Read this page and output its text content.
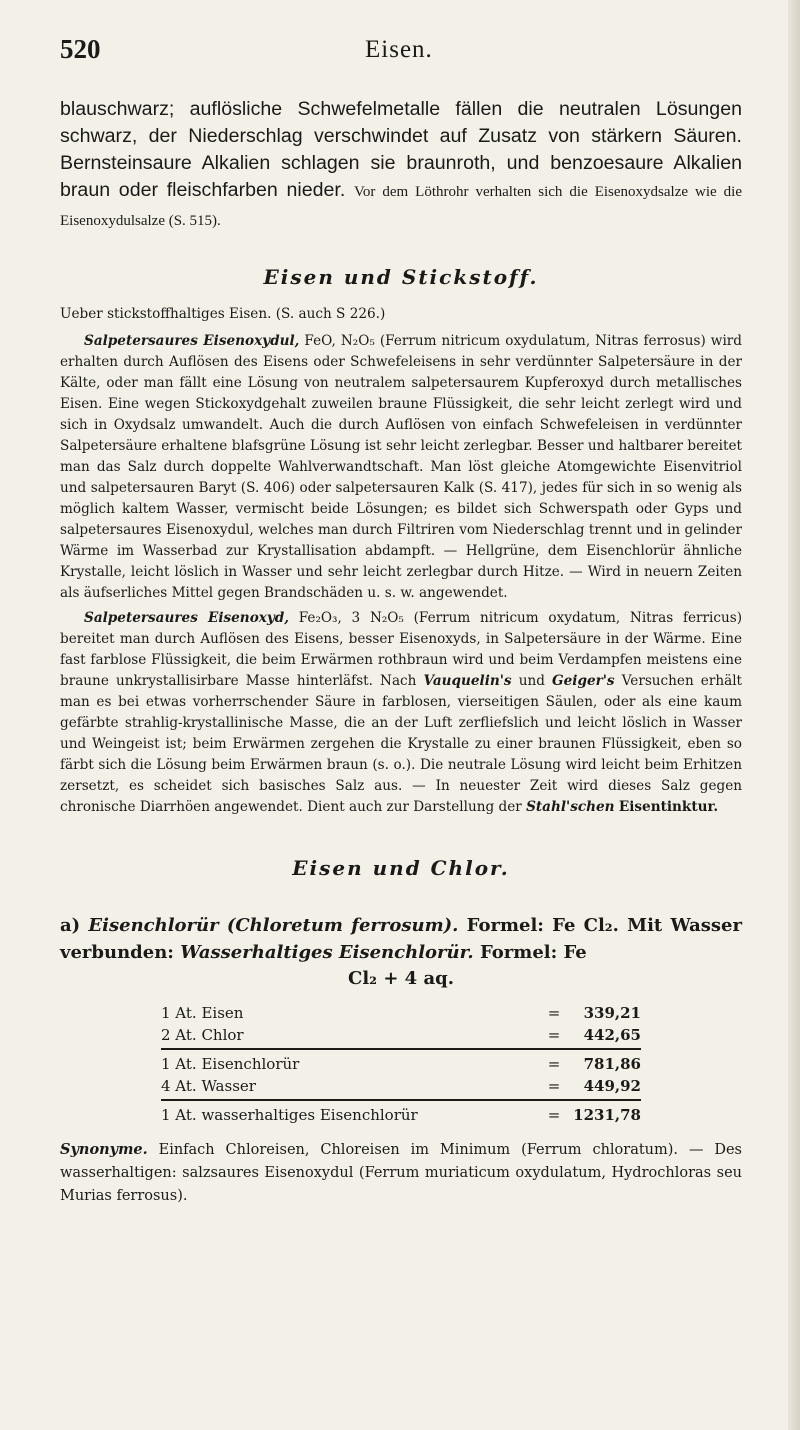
520	Eisen.

blauschwarz; auflösliche Schwefelmetalle fällen die neutralen Lösungen schwarz, der Niederschlag verschwindet auf Zusatz von stärkern Säuren. Bernsteinsaure Alkalien schlagen sie braunroth, und benzoesaure Alkalien braun oder fleischfarben nieder. Vor dem Löthrohr verhalten sich die Eisenoxydsalze wie die Eisenoxydulsalze (S. 515).

Eisen und Stickstoff.

Ueber stickstoffhaltiges Eisen. (S. auch S 226.)

Salpetersaures Eisenoxydul, FeO, N₂O₅ (Ferrum nitricum oxydulatum, Nitras ferrosus) wird erhalten durch Auflösen des Eisens oder Schwefeleisens in sehr verdünnter Salpetersäure in der Kälte, oder man fällt eine Lösung von neutralem salpetersaurem Kupferoxyd durch metallisches Eisen. Eine wegen Stickoxydgehalt zuweilen braune Flüssigkeit, die sehr leicht zerlegt wird und sich in Oxydsalz umwandelt. Auch die durch Auflösen von einfach Schwefeleisen in verdünnter Salpetersäure erhaltene blafsgrüne Lösung ist sehr leicht zerlegbar. Besser und haltbarer bereitet man das Salz durch doppelte Wahlverwandtschaft. Man löst gleiche Atomgewichte Eisenvitriol und salpetersauren Baryt (S. 406) oder salpetersauren Kalk (S. 417), jedes für sich in so wenig als möglich kaltem Wasser, vermischt beide Lösungen; es bildet sich Schwerspath oder Gyps und salpetersaures Eisenoxydul, welches man durch Filtriren vom Niederschlag trennt und in gelinder Wärme im Wasserbad zur Krystallisation abdampft. — Hellgrüne, dem Eisenchlorür ähnliche Krystalle, leicht löslich in Wasser und sehr leicht zerlegbar durch Hitze. — Wird in neuern Zeiten als äufserliches Mittel gegen Brandschäden u. s. w. angewendet.

Salpetersaures Eisenoxyd, Fe₂O₃, 3 N₂O₅ (Ferrum nitricum oxydatum, Nitras ferricus) bereitet man durch Auflösen des Eisens, besser Eisenoxyds, in Salpetersäure in der Wärme. Eine fast farblose Flüssigkeit, die beim Erwärmen rothbraun wird und beim Verdampfen meistens eine braune unkrystallisirbare Masse hinterläfst. Nach Vauquelin's und Geiger's Versuchen erhält man es bei etwas vorherrschender Säure in farblosen, vierseitigen Säulen, oder als eine kaum gefärbte strahlig-krystallinische Masse, die an der Luft zerfliefslich und leicht löslich in Wasser und Weingeist ist; beim Erwärmen zergehen die Krystalle zu einer braunen Flüssigkeit, eben so färbt sich die Lösung beim Erwärmen braun (s. o.). Die neutrale Lösung wird leicht beim Erhitzen zersetzt, es scheidet sich basisches Salz aus. — In neuester Zeit wird dieses Salz gegen chronische Diarrhöen angewendet. Dient auch zur Darstellung der Stahl'schen Eisentinktur.

Eisen und Chlor.

a) Eisenchlorür (Chloretum ferrosum). Formel: Fe Cl₂. Mit Wasser verbunden: Wasserhaltiges Eisenchlorür. Formel: Fe

Cl₂ + 4 aq.
1 At. Eisen	=	339,21
2 At. Chlor	=	442,65
1 At. Eisenchlorür	=	781,86
4 At. Wasser	=	449,92
1 At. wasserhaltiges Eisenchlorür	= 1231,78

Synonyme. Einfach Chloreisen, Chloreisen im Minimum (Ferrum chloratum). — Des wasserhaltigen: salzsaures Eisenoxydul (Ferrum muriaticum oxydulatum, Hydrochloras seu Murias ferrosus).
